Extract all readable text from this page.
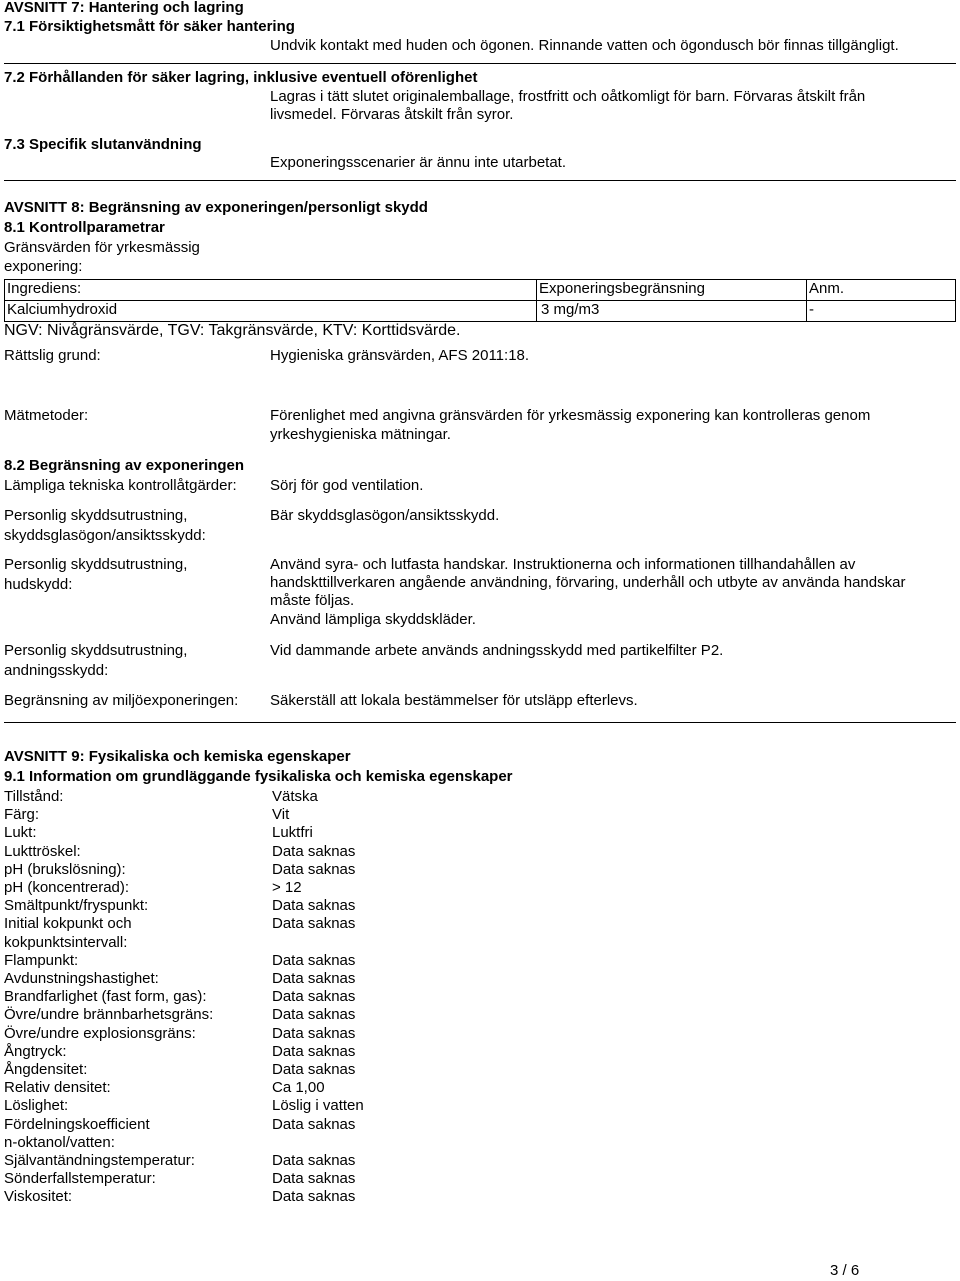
AVSNITT 7: Hantering och lagring
7.1 Försiktighetsmått för säker hantering
Undvik kontakt med huden och ögonen. Rinnande vatten och ögondusch bör finnas tillgängligt.
7.2 Förhållanden för säker lagring, inklusive eventuell oförenlighet
Lagras i tätt slutet originalemballage, frostfritt och oåtkomligt för barn. Förvaras åtskilt från
livsmedel. Förvaras åtskilt från syror.
7.3 Specifik slutanvändning
Exponeringsscenarier är ännu inte utarbetat.
AVSNITT 8: Begränsning av exponeringen/personligt skydd
8.1 Kontrollparametrar
Gränsvärden för yrkesmässig
exponering:
Ingrediens:	Exponeringsbegränsning	Anm.
Kalciumhydroxid	3 mg/m3	-
NGV: Nivågränsvärde, TGV: Takgränsvärde, KTV: Korttidsvärde.
Rättslig grund:	Hygieniska gränsvärden, AFS 2011:18.
Mätmetoder:	Förenlighet med angivna gränsvärden för yrkesmässig exponering kan kontrolleras genom
yrkeshygieniska mätningar.
8.2 Begränsning av exponeringen
Lämpliga tekniska kontrollåtgärder: Sörj för god ventilation.
Personlig skyddsutrustning,
skyddsglasögon/ansiktsskydd:
Bär skyddsglasögon/ansiktsskydd.
Personlig skyddsutrustning,
hudskydd:
Använd syra- och lutfasta handskar. Instruktionerna och informationen tillhandahållen av
handskttillverkaren angående användning, förvaring, underhåll och utbyte av använda handskar
måste följas.
Använd lämpliga skyddskläder.
Personlig skyddsutrustning,
andningsskydd:
Vid dammande arbete används andningsskydd med partikelfilter P2.
Begränsning av miljöexponeringen: Säkerställ att lokala bestämmelser för utsläpp efterlevs.
AVSNITT 9: Fysikaliska och kemiska egenskaper
9.1 Information om grundläggande fysikaliska och kemiska egenskaper
Tillstånd:	Vätska
Färg:	Vit
Lukt:	Luktfri
Lukttröskel:	Data saknas
pH (brukslösning):	Data saknas
pH (koncentrerad):	> 12
Smältpunkt/fryspunkt:	Data saknas
Initial kokpunkt och	Data saknas
kokpunktsintervall:
Flampunkt:	Data saknas
Avdunstningshastighet:	Data saknas
Brandfarlighet (fast form, gas):	Data saknas
Övre/undre brännbarhetsgräns:	Data saknas
Övre/undre explosionsgräns:	Data saknas
Ångtryck:	Data saknas
Ångdensitet:	Data saknas
Relativ densitet:	Ca 1,00
Löslighet:	Löslig i vatten
Fördelningskoefficient	Data saknas
n-oktanol/vatten:
Självantändningstemperatur:	Data saknas
Sönderfallstemperatur:	Data saknas
Viskositet:	Data saknas
3 / 6
